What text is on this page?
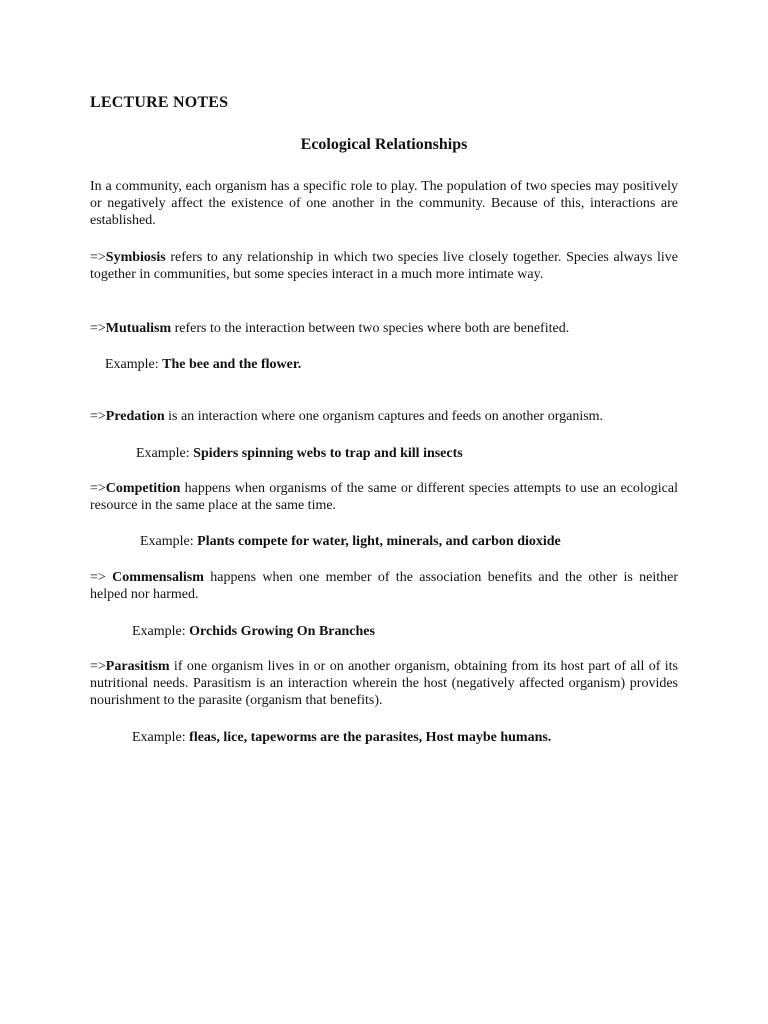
LECTURE NOTES
Ecological Relationships

In a community, each organism has a specific role to play. The population of two species may positively or negatively affect the existence of one another in the community. Because of this, interactions are established.

=>Symbiosis refers to any relationship in which two species live closely together. Species always live together in communities, but some species interact in a much more intimate way.

=>Mutualism refers to the interaction between two species where both are benefited.

Example: The bee and the flower.

=>Predation is an interaction where one organism captures and feeds on another organism.

Example: Spiders spinning webs to trap and kill insects

=>Competition happens when organisms of the same or different species attempts to use an ecological resource in the same place at the same time.

Example: Plants compete for water, light, minerals, and carbon dioxide

=> Commensalism happens when one member of the association benefits and the other is neither helped nor harmed.

Example: Orchids Growing On Branches

=>Parasitism if one organism lives in or on another organism, obtaining from its host part of all of its nutritional needs. Parasitism is an interaction wherein the host (negatively affected organism) provides nourishment to the parasite (organism that benefits).

Example: fleas, lice, tapeworms are the parasites, Host maybe humans.
